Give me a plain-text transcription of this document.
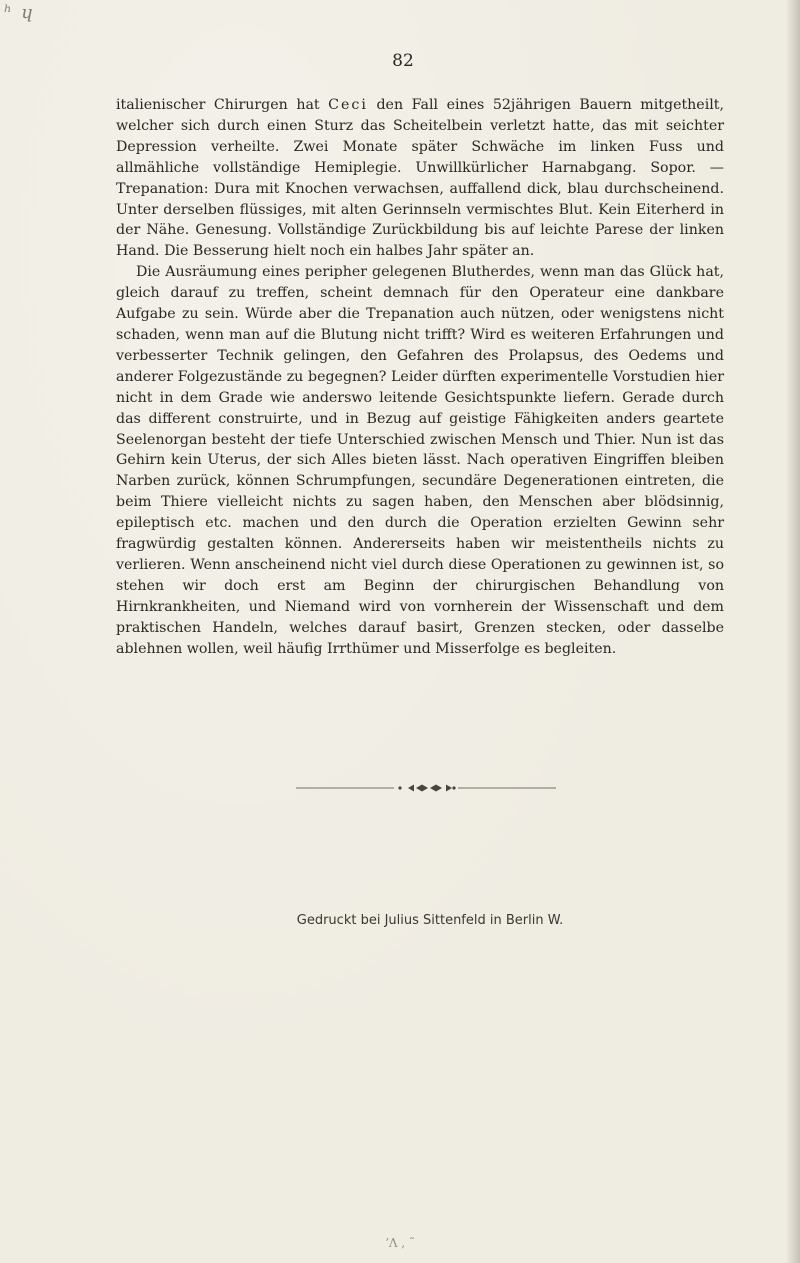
ʰ ɥ
82

italienischer Chirurgen hat Ceci den Fall eines 52jährigen Bauern mitgetheilt, welcher sich durch einen Sturz das Scheitelbein verletzt hatte, das mit seichter Depression verheilte. Zwei Monate später Schwäche im linken Fuss und allmähliche vollständige Hemiplegie. Unwillkürlicher Harnabgang. Sopor. — Trepanation: Dura mit Knochen verwachsen, auffallend dick, blau durchscheinend. Unter derselben flüssiges, mit alten Gerinnseln vermischtes Blut. Kein Eiterherd in der Nähe. Genesung. Vollständige Zurückbildung bis auf leichte Parese der linken Hand. Die Besserung hielt noch ein halbes Jahr später an.

Die Ausräumung eines peripher gelegenen Blutherdes, wenn man das Glück hat, gleich darauf zu treffen, scheint demnach für den Operateur eine dankbare Aufgabe zu sein. Würde aber die Trepanation auch nützen, oder wenigstens nicht schaden, wenn man auf die Blutung nicht trifft? Wird es weiteren Erfahrungen und verbesserter Technik gelingen, den Gefahren des Prolapsus, des Oedems und anderer Folgezustände zu begegnen? Leider dürften experimentelle Vorstudien hier nicht in dem Grade wie anderswo leitende Gesichtspunkte liefern. Gerade durch das different construirte, und in Bezug auf geistige Fähigkeiten anders geartete Seelenorgan besteht der tiefe Unterschied zwischen Mensch und Thier. Nun ist das Gehirn kein Uterus, der sich Alles bieten lässt. Nach operativen Eingriffen bleiben Narben zurück, können Schrumpfungen, secundäre Degenerationen eintreten, die beim Thiere vielleicht nichts zu sagen haben, den Menschen aber blödsinnig, epileptisch etc. machen und den durch die Operation erzielten Gewinn sehr fragwürdig gestalten können. Andererseits haben wir meistentheils nichts zu verlieren. Wenn anscheinend nicht viel durch diese Operationen zu gewinnen ist, so stehen wir doch erst am Beginn der chirurgischen Behandlung von Hirnkrankheiten, und Niemand wird von vornherein der Wissenschaft und dem praktischen Handeln, welches darauf basirt, Grenzen stecken, oder dasselbe ablehnen wollen, weil häufig Irrthümer und Misserfolge es begleiten.

Gedruckt bei Julius Sittenfeld in Berlin W.
ʼɅ , ˜
